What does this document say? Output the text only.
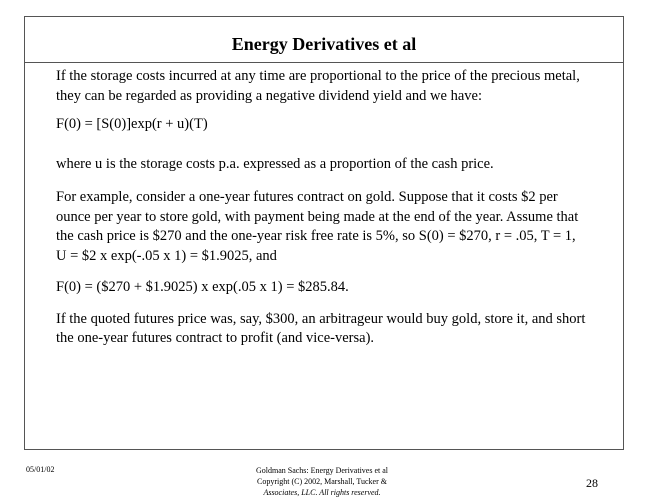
Energy Derivatives et al

If the storage costs incurred at any time are proportional to the price of the precious metal, they can be regarded as providing a negative dividend yield and we have:

F(0) = [S(0)]exp(r + u)(T)

where u is the storage costs p.a. expressed as a proportion of the cash price.

For example, consider a one-year futures contract on gold. Suppose that it costs $2 per ounce per year to store gold, with payment being made at the end of the year. Assume that the cash price is $270 and the one-year risk free rate is 5%, so S(0) = $270, r = .05, T = 1, U = $2 x exp(-.05 x 1) = $1.9025, and

F(0) = ($270 + $1.9025) x exp(.05 x 1) = $285.84.

If the quoted futures price was, say, $300, an arbitrageur would buy gold, store it, and short the one-year futures contract to profit (and vice-versa).

05/01/02	Goldman Sachs: Energy Derivatives et al
Copyright (C) 2002, Marshall, Tucker &
Associates, LLC. All rights reserved.
28
